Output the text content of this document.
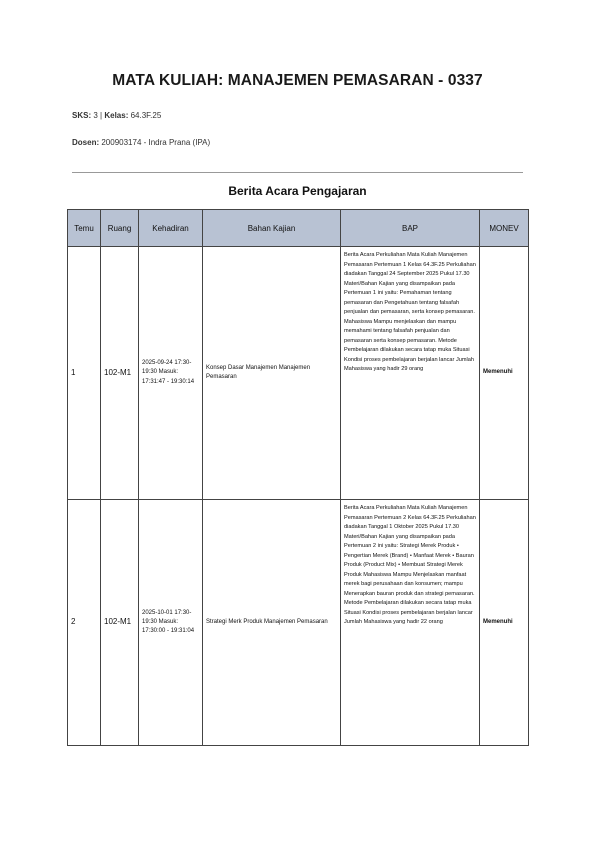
MATA KULIAH: MANAJEMEN PEMASARAN - 0337
SKS: 3 | Kelas: 64.3F.25
Dosen: 200903174 - Indra Prana (IPA)
Berita Acara Pengajaran
Temu	Ruang	Kehadiran	Bahan Kajian	BAP	MONEV
1	102-M1	2025-09-24 17:30-19:30 Masuk: 17:31:47 - 19:30:14	Konsep Dasar Manajemen Manajemen Pemasaran	Berita Acara Perkuliahan Mata Kuliah Manajemen Pemasaran Pertemuan 1 Kelas 64.3F.25 Perkuliahan diadakan Tanggal 24 September 2025 Pukul 17.30 Materi/Bahan Kajian yang disampaikan pada Pertemuan 1 ini yaitu: Pemahaman tentang pemasaran dan Pengetahuan tentang falsafah penjualan dan pemasaran, serta konsep pemasaran. Mahasiswa Mampu menjelaskan dan mampu memahami tentang falsafah penjualan dan pemasaran serta konsep pemasaran. Metode Pembelajaran dilakukan secara tatap muka Situasi Kondisi proses pembelajaran berjalan lancar Jumlah Mahasiswa yang hadir 29 orang	Memenuhi
2	102-M1	2025-10-01 17:30-19:30 Masuk: 17:30:00 - 19:31:04	Strategi Merk Produk Manajemen Pemasaran	Berita Acara Perkuliahan Mata Kuliah Manajemen Pemasaran Pertemuan 2 Kelas 64.3F.25 Perkuliahan diadakan Tanggal 1 Oktober 2025 Pukul 17.30 Materi/Bahan Kajian yang disampaikan pada Pertemuan 2 ini yaitu: Strategi Merek Produk • Pengertian Merek (Brand) • Manfaat Merek • Bauran Produk (Product Mix) • Membuat Strategi Merek Produk Mahasiswa Mampu Menjelaskan manfaat merek bagi perusahaan dan konsumen; mampu Menerapkan bauran produk dan strategi pemasaran. Metode Pembelajaran dilakukan secara tatap muka Situasi Kondisi proses pembelajaran berjalan lancar Jumlah Mahasiswa yang hadir 22 orang	Memenuhi
